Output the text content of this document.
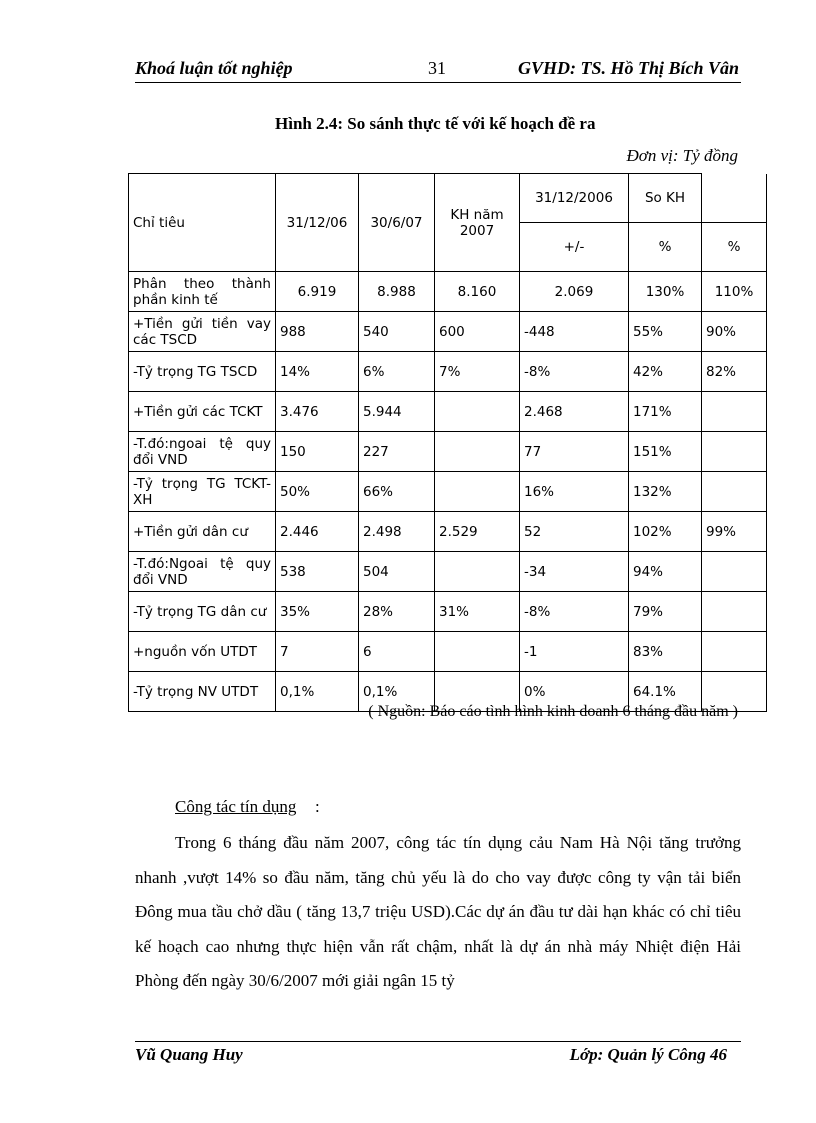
Khoá luận tốt nghiệp	31	GVHD: TS. Hồ Thị Bích Vân
Hình 2.4: So sánh thực tế với kế hoạch đề ra
Đơn vị: Tỷ đồng
Chỉ tiêu	31/12/06	30/6/07	KH năm 2007	31/12/2006	So KH	
				+/-	%	%
Phân theo thành phần kinh tế	6.919	8.988	8.160	2.069	130%	110%
+Tiền gửi tiền vay các TSCD	988	540	600	-448	55%	90%
-Tỷ trọng TG TSCD	14%	6%	7%	-8%	42%	82%
+Tiền gửi các TCKT	3.476	5.944		2.468	171%	
-T.đó:ngoai tệ quy đổi VND	150	227		77	151%	
-Tỷ trọng TG TCKT-XH	50%	66%		16%	132%	
+Tiền gửi dân cư	2.446	2.498	2.529	52	102%	99%
-T.đó:Ngoai tệ quy đổi VND	538	504		-34	94%	
-Tỷ trọng TG dân cư	35%	28%	31%	-8%	79%	
+nguồn vốn UTDT	7	6		-1	83%	
-Tỷ trọng NV UTDT	0,1%	0,1%		0%	64.1%	
( Nguồn: Báo cáo tình hình kinh doanh 6 tháng đầu năm )
Công tác tín dụng :
Trong 6 tháng đầu năm 2007, công tác tín dụng cảu Nam Hà Nội tăng trưởng nhanh ,vượt 14% so đầu năm, tăng chủ yếu là do cho vay được công ty vận tải biển Đông mua tầu chở dầu ( tăng 13,7 triệu USD).Các dự án đầu tư dài hạn khác có chỉ tiêu kế hoạch cao nhưng thực hiện vẫn rất chậm, nhất là dự án nhà máy Nhiệt điện Hải Phòng đến ngày 30/6/2007 mới giải ngân 15 tỷ
Vũ Quang Huy	Lớp: Quản lý Công 46
